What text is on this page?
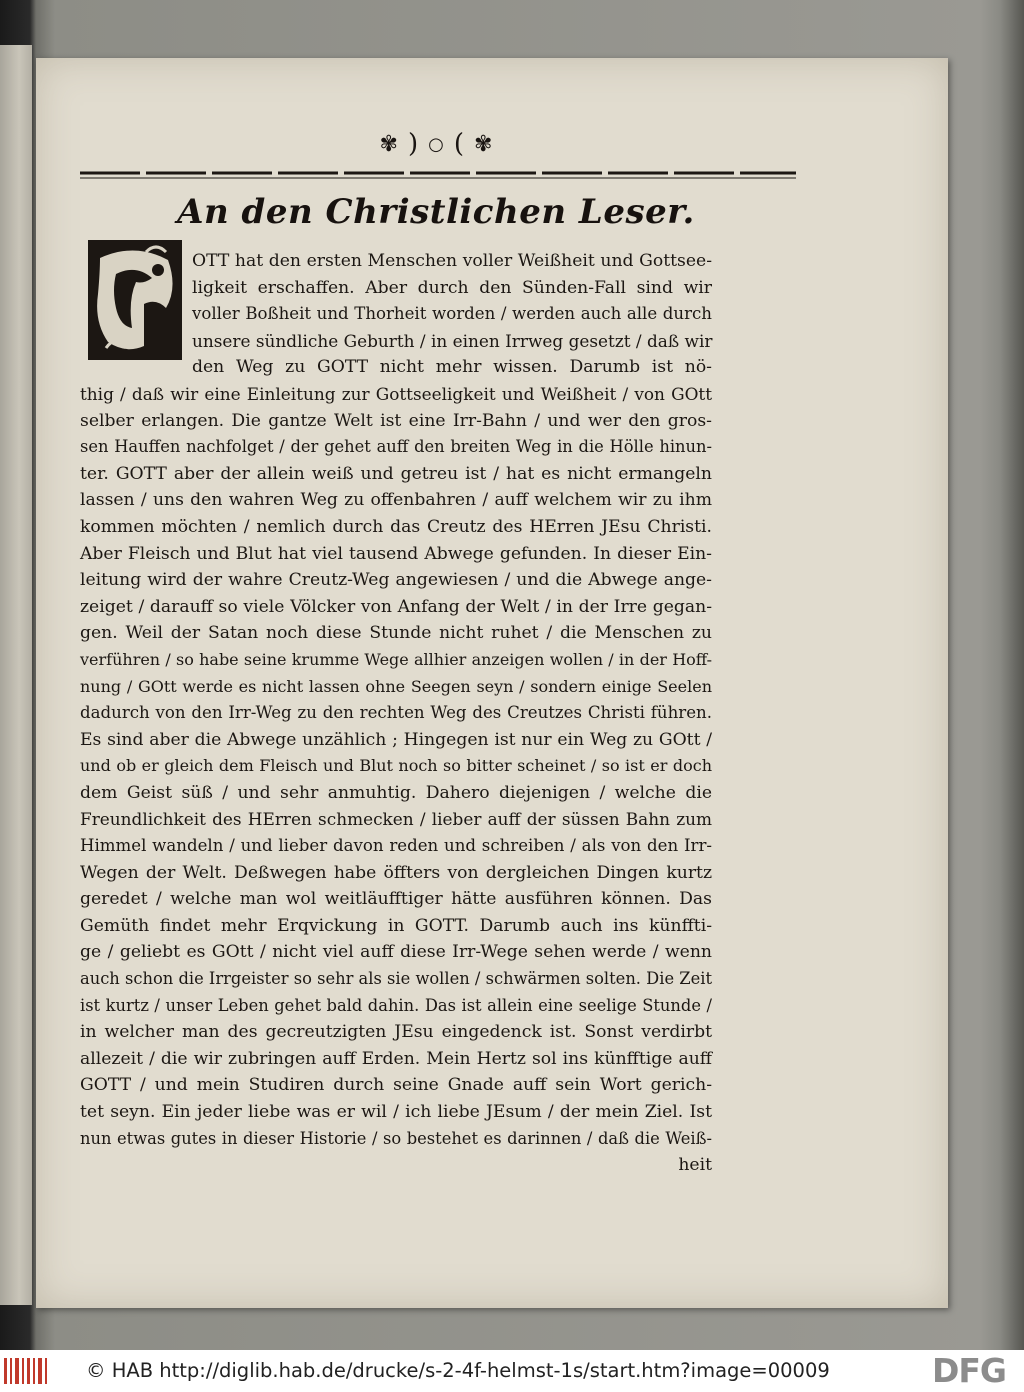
✾ ) ○ ( ✾
An den Christlichen Leser.
OTT hat den ersten Menschen voller Weißheit und Gottsee-
ligkeit erschaffen. Aber durch den Sünden-Fall sind wir
voller Boßheit und Thorheit worden / werden auch alle durch
unsere sündliche Geburth / in einen Irrweg gesetzt / daß wir
den Weg zu GOTT nicht mehr wissen. Darumb ist nö-
thig / daß wir eine Einleitung zur Gottseeligkeit und Weißheit / von GOtt
selber erlangen. Die gantze Welt ist eine Irr-Bahn / und wer den gros-
sen Hauffen nachfolget / der gehet auff den breiten Weg in die Hölle hinun-
ter. GOTT aber der allein weiß und getreu ist / hat es nicht ermangeln
lassen / uns den wahren Weg zu offenbahren / auff welchem wir zu ihm
kommen möchten / nemlich durch das Creutz des HErren JEsu Christi.
Aber Fleisch und Blut hat viel tausend Abwege gefunden. In dieser Ein-
leitung wird der wahre Creutz-Weg angewiesen / und die Abwege ange-
zeiget / darauff so viele Völcker von Anfang der Welt / in der Irre gegan-
gen. Weil der Satan noch diese Stunde nicht ruhet / die Menschen zu
verführen / so habe seine krumme Wege allhier anzeigen wollen / in der Hoff-
nung / GOtt werde es nicht lassen ohne Seegen seyn / sondern einige Seelen
dadurch von den Irr-Weg zu den rechten Weg des Creutzes Christi führen.
Es sind aber die Abwege unzählich ; Hingegen ist nur ein Weg zu GOtt /
und ob er gleich dem Fleisch und Blut noch so bitter scheinet / so ist er doch
dem Geist süß / und sehr anmuhtig. Dahero diejenigen / welche die
Freundlichkeit des HErren schmecken / lieber auff der süssen Bahn zum
Himmel wandeln / und lieber davon reden und schreiben / als von den Irr-
Wegen der Welt. Deßwegen habe öffters von dergleichen Dingen kurtz
geredet / welche man wol weitläufftiger hätte ausführen können. Das
Gemüth findet mehr Erqvickung in GOTT. Darumb auch ins künffti-
ge / geliebt es GOtt / nicht viel auff diese Irr-Wege sehen werde / wenn
auch schon die Irrgeister so sehr als sie wollen / schwärmen solten. Die Zeit
ist kurtz / unser Leben gehet bald dahin. Das ist allein eine seelige Stunde /
in welcher man des gecreutzigten JEsu eingedenck ist. Sonst verdirbt
allezeit / die wir zubringen auff Erden. Mein Hertz sol ins künfftige auff
GOTT / und mein Studiren durch seine Gnade auff sein Wort gerich-
tet seyn. Ein jeder liebe was er wil / ich liebe JEsum / der mein Ziel. Ist
nun etwas gutes in dieser Historie / so bestehet es darinnen / daß die Weiß-
heit
© HAB http://diglib.hab.de/drucke/s-2-4f-helmst-1s/start.htm?image=00009	DFG
